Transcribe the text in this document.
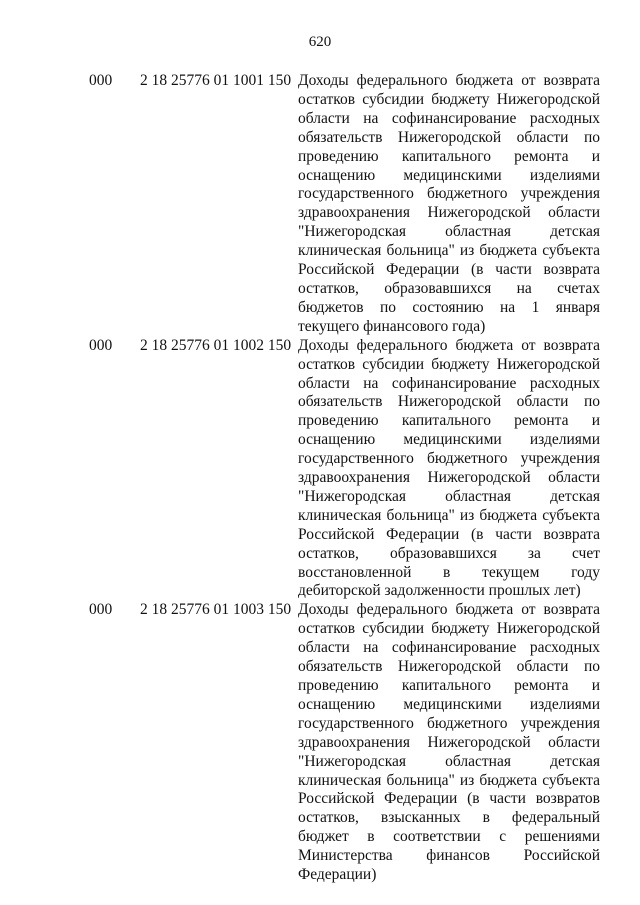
620
000 2 18 25776 01 1001 150 Доходы федерального бюджета от возврата остатков субсидии бюджету Нижегородской области на софинансирование расходных обязательств Нижегородской области по проведению капитального ремонта и оснащению медицинскими изделиями государственного бюджетного учреждения здравоохранения Нижегородской области "Нижегородская областная детская клиническая больница" из бюджета субъекта Российской Федерации (в части возврата остатков, образовавшихся на счетах бюджетов по состоянию на 1 января текущего финансового года)
000 2 18 25776 01 1002 150 Доходы федерального бюджета от возврата остатков субсидии бюджету Нижегородской области на софинансирование расходных обязательств Нижегородской области по проведению капитального ремонта и оснащению медицинскими изделиями государственного бюджетного учреждения здравоохранения Нижегородской области "Нижегородская областная детская клиническая больница" из бюджета субъекта Российской Федерации (в части возврата остатков, образовавшихся за счет восстановленной в текущем году дебиторской задолженности прошлых лет)
000 2 18 25776 01 1003 150 Доходы федерального бюджета от возврата остатков субсидии бюджету Нижегородской области на софинансирование расходных обязательств Нижегородской области по проведению капитального ремонта и оснащению медицинскими изделиями государственного бюджетного учреждения здравоохранения Нижегородской области "Нижегородская областная детская клиническая больница" из бюджета субъекта Российской Федерации (в части возвратов остатков, взысканных в федеральный бюджет в соответствии с решениями Министерства финансов Российской Федерации)
